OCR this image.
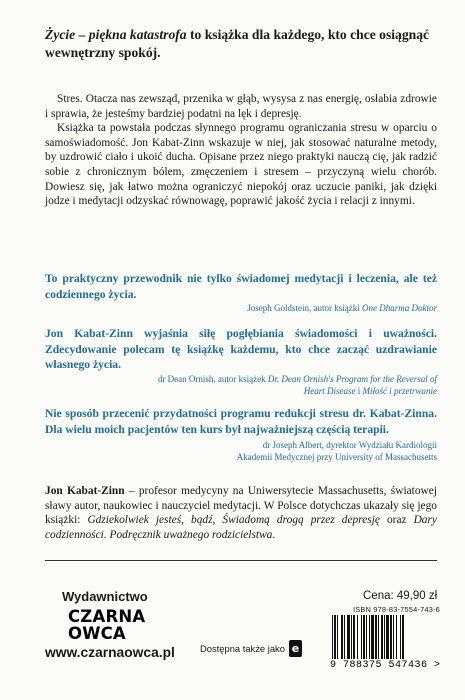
Życie – piękna katastrofa to książka dla każdego, kto chce osiągnąć wewnętrzny spokój.

Stres. Otacza nas zewsząd, przenika w głąb, wysysa z nas energię, osłabia zdrowie i sprawia, że jesteśmy bardziej podatni na lęk i depresję.

Książka ta powstała podczas słynnego programu ograniczania stresu w oparciu o samoświadomość. Jon Kabat-Zinn wskazuje w niej, jak stosować naturalne metody, by uzdrowić ciało i ukoić ducha. Opisane przez niego praktyki nauczą cię, jak radzić sobie z chronicznym bólem, zmęczeniem i stresem – przyczyną wielu chorób. Dowiesz się, jak łatwo można ograniczyć niepokój oraz uczucie paniki, jak dzięki jodze i medytacji odzyskać równowagę, poprawić jakość życia i relacji z innymi.

To praktyczny przewodnik nie tylko świadomej medytacji i leczenia, ale też codziennego życia.
Joseph Goldstein, autor książki One Dharma Doktor
Jon Kabat-Zinn wyjaśnia siłę pogłębiania świadomości i uważności. Zdecydowanie polecam tę książkę każdemu, kto chce zacząć uzdrawianie własnego życia.
dr Dean Ornish, autor książek Dr. Dean Ornish's Program for the Reversal of Heart Disease i Miłość i przetrwanie
Nie sposób przecenić przydatności programu redukcji stresu dr. Kabat-Zinna. Dla wielu moich pacjentów ten kurs był najważniejszą częścią terapii.
dr Joseph Albert, dyrektor Wydziału Kardiologii
Akademii Medycznej przy University of Massachusetts
Jon Kabat-Zinn – profesor medycyny na Uniwersytecie Massachusetts, światowej sławy autor, naukowiec i nauczyciel medytacji. W Polsce dotychczas ukazały się jego książki: Gdziekolwiek jesteś, bądź, Świadomą drogą przez depresję oraz Dary codzienności. Podręcznik uważnego rodzicielstwa.
Wydawnictwo
CZARNA
OWCA
www.czarnaowca.pl	Dostępna także jako e
Cena: 49,90 zł
ISBN 978-83-7554-743-6
9 788375 547436 >
